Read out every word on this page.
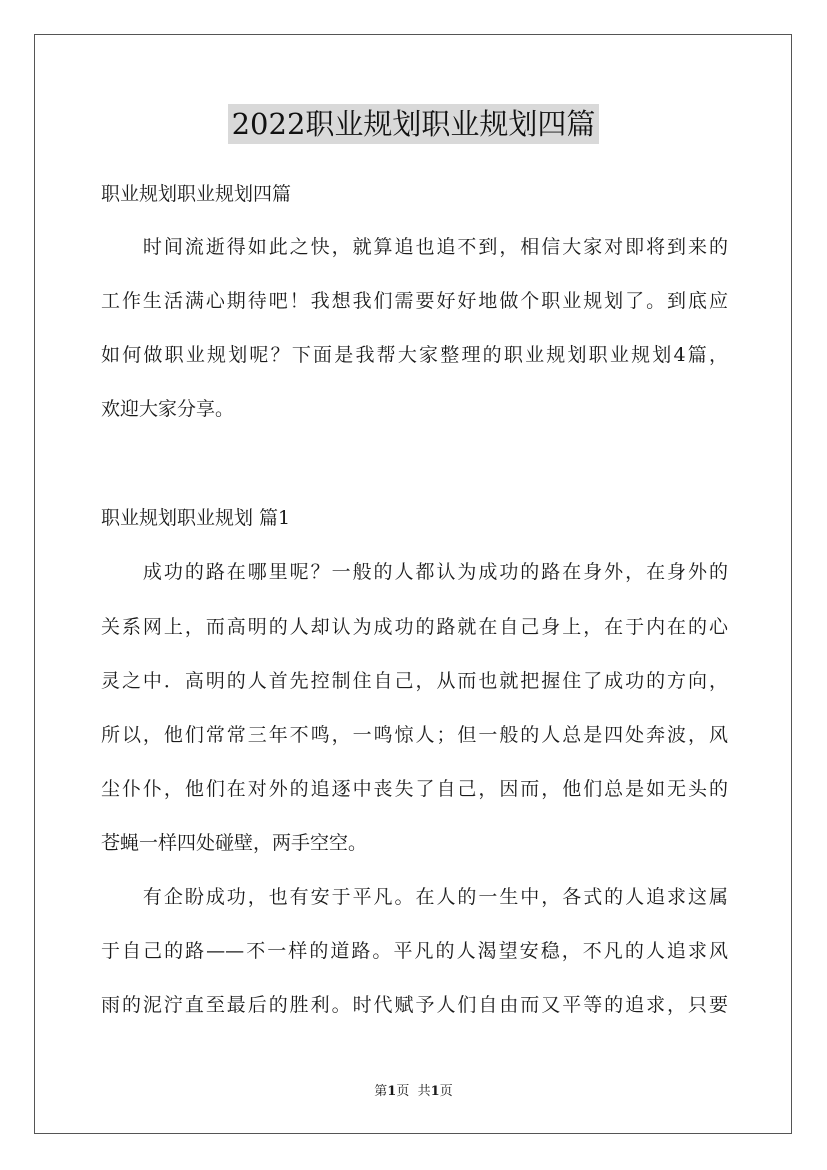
2022职业规划职业规划四篇

职业规划职业规划四篇

　　时间流逝得如此之快，就算追也追不到，相信大家对即将到来的

工作生活满心期待吧！我想我们需要好好地做个职业规划了。到底应

如何做职业规划呢？下面是我帮大家整理的职业规划职业规划4篇，

欢迎大家分享。

职业规划职业规划 篇1

　　成功的路在哪里呢？一般的人都认为成功的路在身外，在身外的

关系网上，而高明的人却认为成功的路就在自己身上，在于内在的心

灵之中．高明的人首先控制住自己，从而也就把握住了成功的方向，

所以，他们常常三年不鸣，一鸣惊人；但一般的人总是四处奔波，风

尘仆仆，他们在对外的追逐中丧失了自己，因而，他们总是如无头的

苍蝇一样四处碰壁，两手空空。

　　有企盼成功，也有安于平凡。在人的一生中，各式的人追求这属

于自己的路——不一样的道路。平凡的人渴望安稳，不凡的人追求风

雨的泥泞直至最后的胜利。时代赋予人们自由而又平等的追求，只要

第1页 共1页
